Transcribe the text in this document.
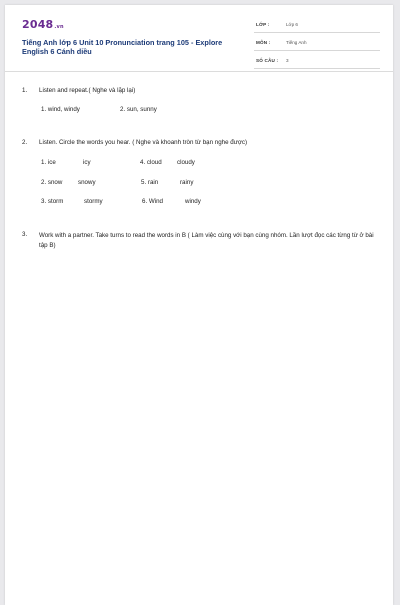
2048.vn
Tiếng Anh lớp 6 Unit 10 Pronunciation trang 105 - Explore English 6 Cánh diều
LỚP :	Lớp 6
MÔN :	Tiếng Anh
SỐ CÂU : 3
1. Listen and repeat.( Nghe và lặp lại)
1. wind, windy	2. sun, sunny
2. Listen. Circle the words you hear. ( Nghe và khoanh tròn từ bạn nghe được)
1. ice	icy	4. cloud cloudy
2. snow	snowy	5. rain	rainy
3. storm	stormy	6. Wind	windy
3. Work with a partner. Take turns to read the words in B ( Làm việc cùng với bạn cùng nhóm. Lần lượt đọc các từng từ ở bài tập B)
